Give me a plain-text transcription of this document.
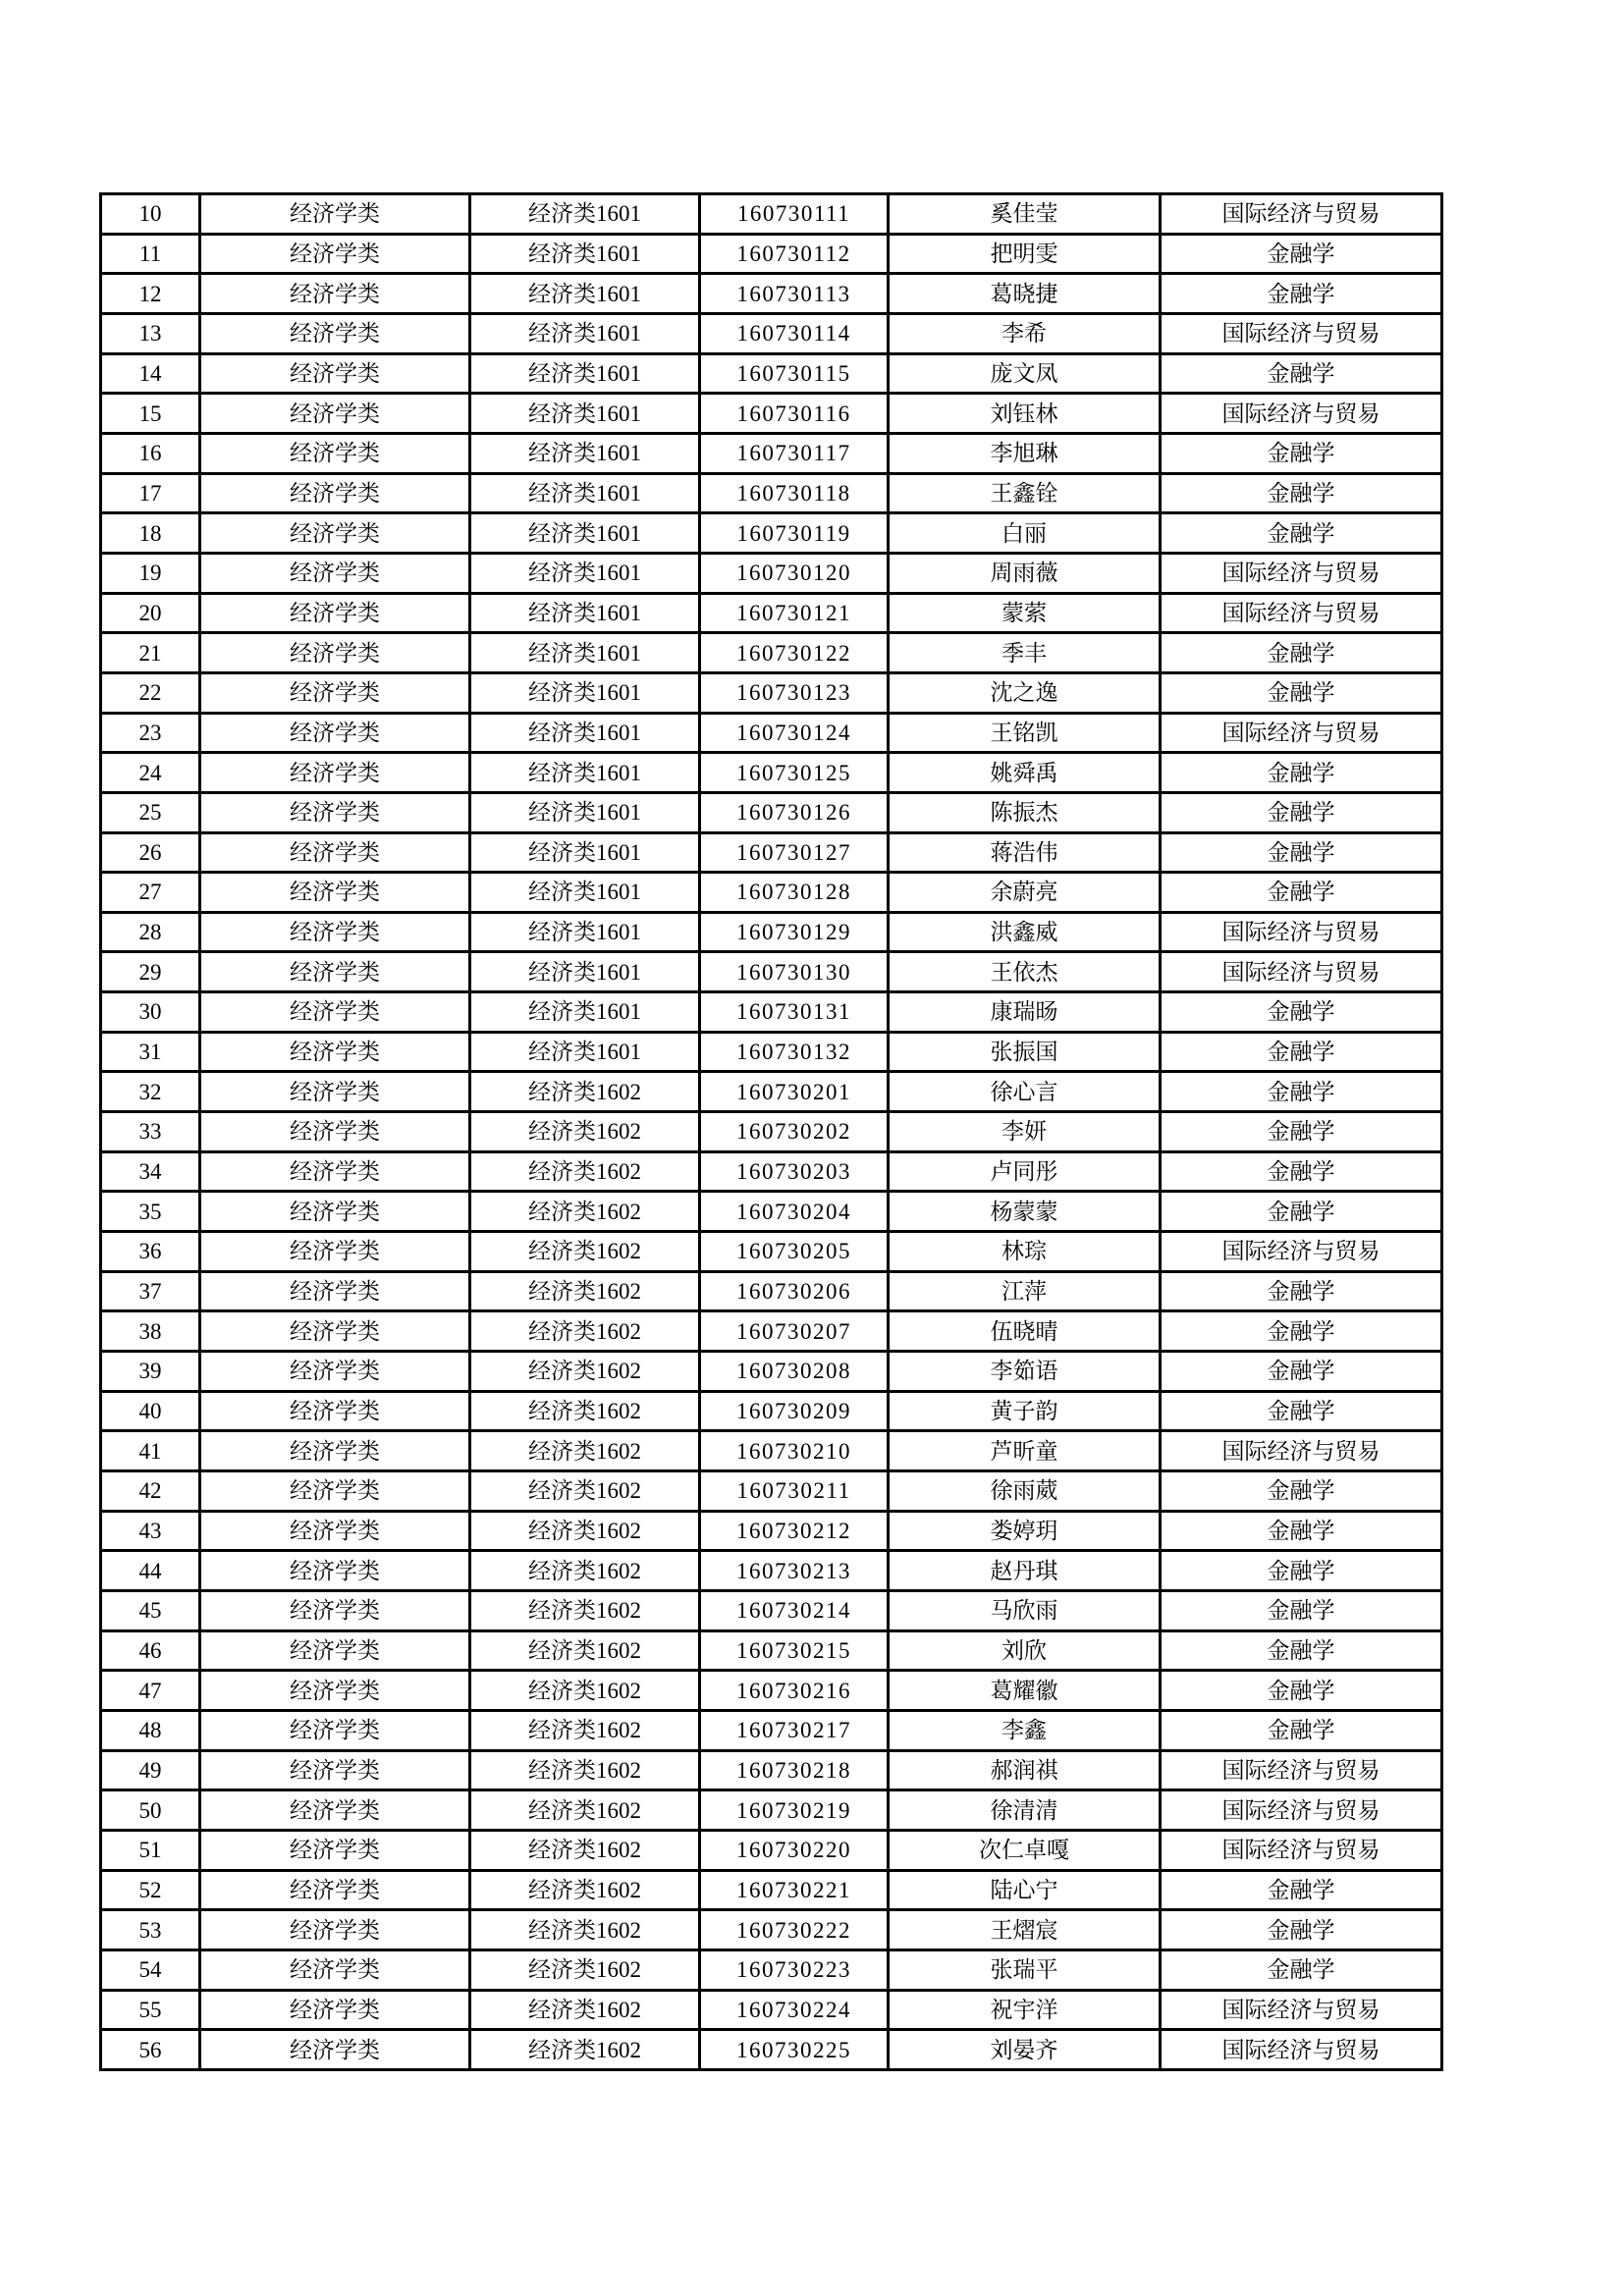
10	经济学类	经济类1601	160730111	奚佳莹	国际经济与贸易
11	经济学类	经济类1601	160730112	把明雯	金融学
12	经济学类	经济类1601	160730113	葛晓捷	金融学
13	经济学类	经济类1601	160730114	李希	国际经济与贸易
14	经济学类	经济类1601	160730115	庞文凤	金融学
15	经济学类	经济类1601	160730116	刘钰林	国际经济与贸易
16	经济学类	经济类1601	160730117	李旭琳	金融学
17	经济学类	经济类1601	160730118	王鑫铨	金融学
18	经济学类	经济类1601	160730119	白丽	金融学
19	经济学类	经济类1601	160730120	周雨薇	国际经济与贸易
20	经济学类	经济类1601	160730121	蒙萦	国际经济与贸易
21	经济学类	经济类1601	160730122	季丰	金融学
22	经济学类	经济类1601	160730123	沈之逸	金融学
23	经济学类	经济类1601	160730124	王铭凯	国际经济与贸易
24	经济学类	经济类1601	160730125	姚舜禹	金融学
25	经济学类	经济类1601	160730126	陈振杰	金融学
26	经济学类	经济类1601	160730127	蒋浩伟	金融学
27	经济学类	经济类1601	160730128	余蔚亮	金融学
28	经济学类	经济类1601	160730129	洪鑫威	国际经济与贸易
29	经济学类	经济类1601	160730130	王依杰	国际经济与贸易
30	经济学类	经济类1601	160730131	康瑞旸	金融学
31	经济学类	经济类1601	160730132	张振国	金融学
32	经济学类	经济类1602	160730201	徐心言	金融学
33	经济学类	经济类1602	160730202	李妍	金融学
34	经济学类	经济类1602	160730203	卢同彤	金融学
35	经济学类	经济类1602	160730204	杨蒙蒙	金融学
36	经济学类	经济类1602	160730205	林琮	国际经济与贸易
37	经济学类	经济类1602	160730206	江萍	金融学
38	经济学类	经济类1602	160730207	伍晓晴	金融学
39	经济学类	经济类1602	160730208	李筎语	金融学
40	经济学类	经济类1602	160730209	黄子韵	金融学
41	经济学类	经济类1602	160730210	芦昕童	国际经济与贸易
42	经济学类	经济类1602	160730211	徐雨葳	金融学
43	经济学类	经济类1602	160730212	娄婷玥	金融学
44	经济学类	经济类1602	160730213	赵丹琪	金融学
45	经济学类	经济类1602	160730214	马欣雨	金融学
46	经济学类	经济类1602	160730215	刘欣	金融学
47	经济学类	经济类1602	160730216	葛耀徽	金融学
48	经济学类	经济类1602	160730217	李鑫	金融学
49	经济学类	经济类1602	160730218	郝润祺	国际经济与贸易
50	经济学类	经济类1602	160730219	徐清清	国际经济与贸易
51	经济学类	经济类1602	160730220	次仁卓嘎	国际经济与贸易
52	经济学类	经济类1602	160730221	陆心宁	金融学
53	经济学类	经济类1602	160730222	王熠宸	金融学
54	经济学类	经济类1602	160730223	张瑞平	金融学
55	经济学类	经济类1602	160730224	祝宇洋	国际经济与贸易
56	经济学类	经济类1602	160730225	刘晏齐	国际经济与贸易
